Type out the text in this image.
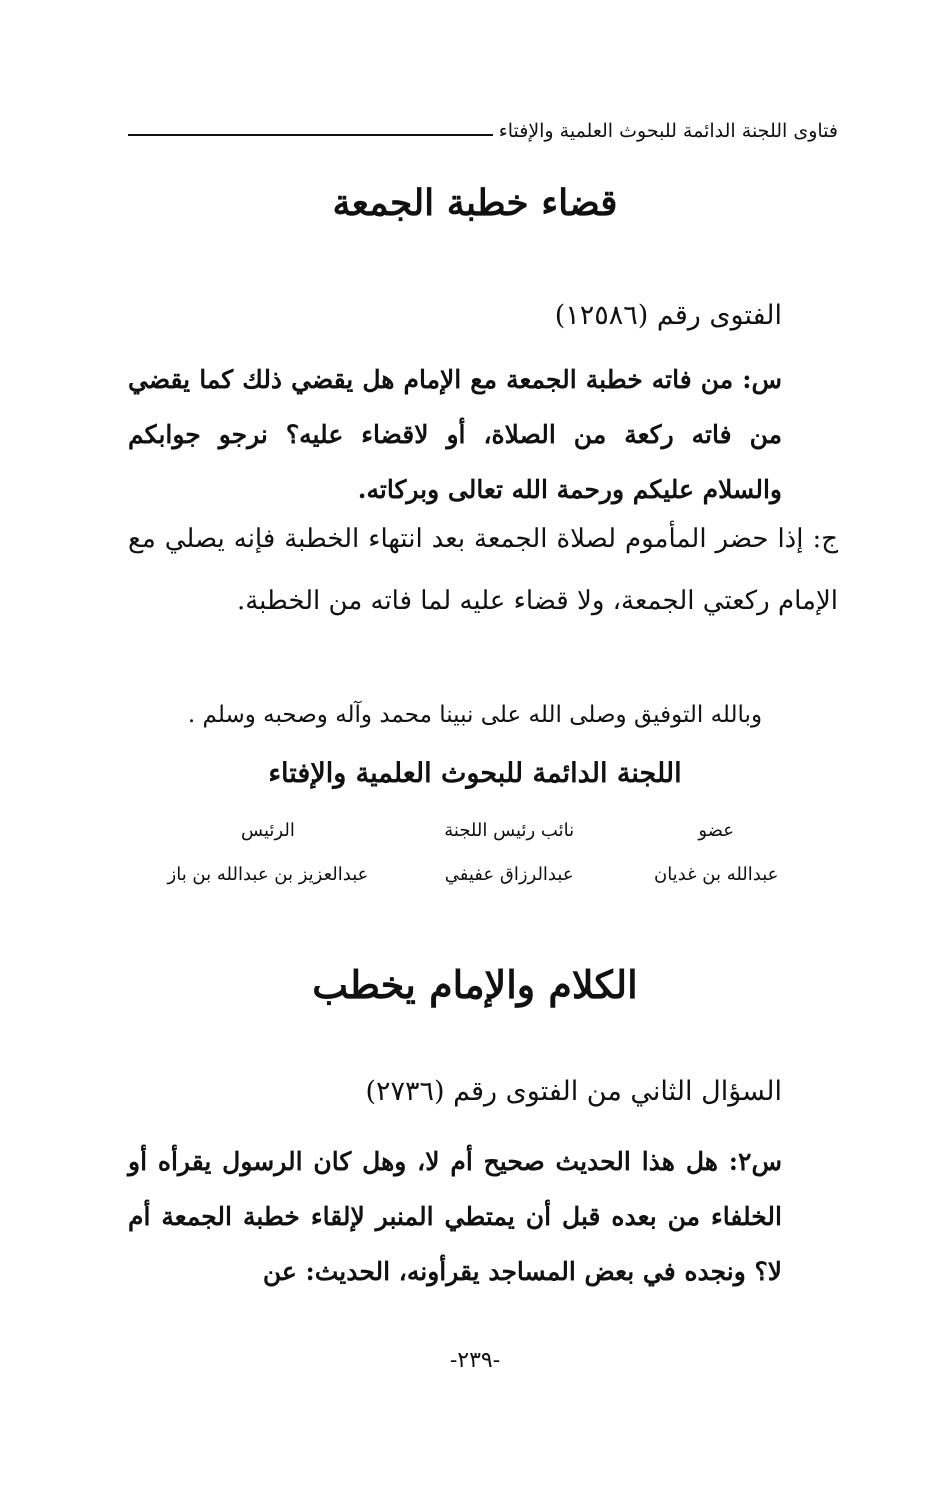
فتاوى اللجنة الدائمة للبحوث العلمية والإفتاء
قضاء خطبة الجمعة
الفتوى رقم (١٢٥٨٦)
س: من فاته خطبة الجمعة مع الإمام هل يقضي ذلك كما يقضي من فاته ركعة من الصلاة، أو لاقضاء عليه؟ نرجو جوابكم والسلام عليكم ورحمة الله تعالى وبركاته.
ج: إذا حضر المأموم لصلاة الجمعة بعد انتهاء الخطبة فإنه يصلي مع الإمام ركعتي الجمعة، ولا قضاء عليه لما فاته من الخطبة.
وبالله التوفيق وصلى الله على نبينا محمد وآله وصحبه وسلم .
اللجنة الدائمة للبحوث العلمية والإفتاء
عضو
نائب رئيس اللجنة
الرئيس
عبدالله بن غديان
عبدالرزاق عفيفي
عبدالعزيز بن عبدالله بن باز
الكلام والإمام يخطب
السؤال الثاني من الفتوى رقم (٢٧٣٦)
س٢: هل هذا الحديث صحيح أم لا، وهل كان الرسول يقرأه أو الخلفاء من بعده قبل أن يمتطي المنبر لإلقاء خطبة الجمعة أم لا؟ ونجده في بعض المساجد يقرأونه، الحديث: عن
-٢٣٩-
